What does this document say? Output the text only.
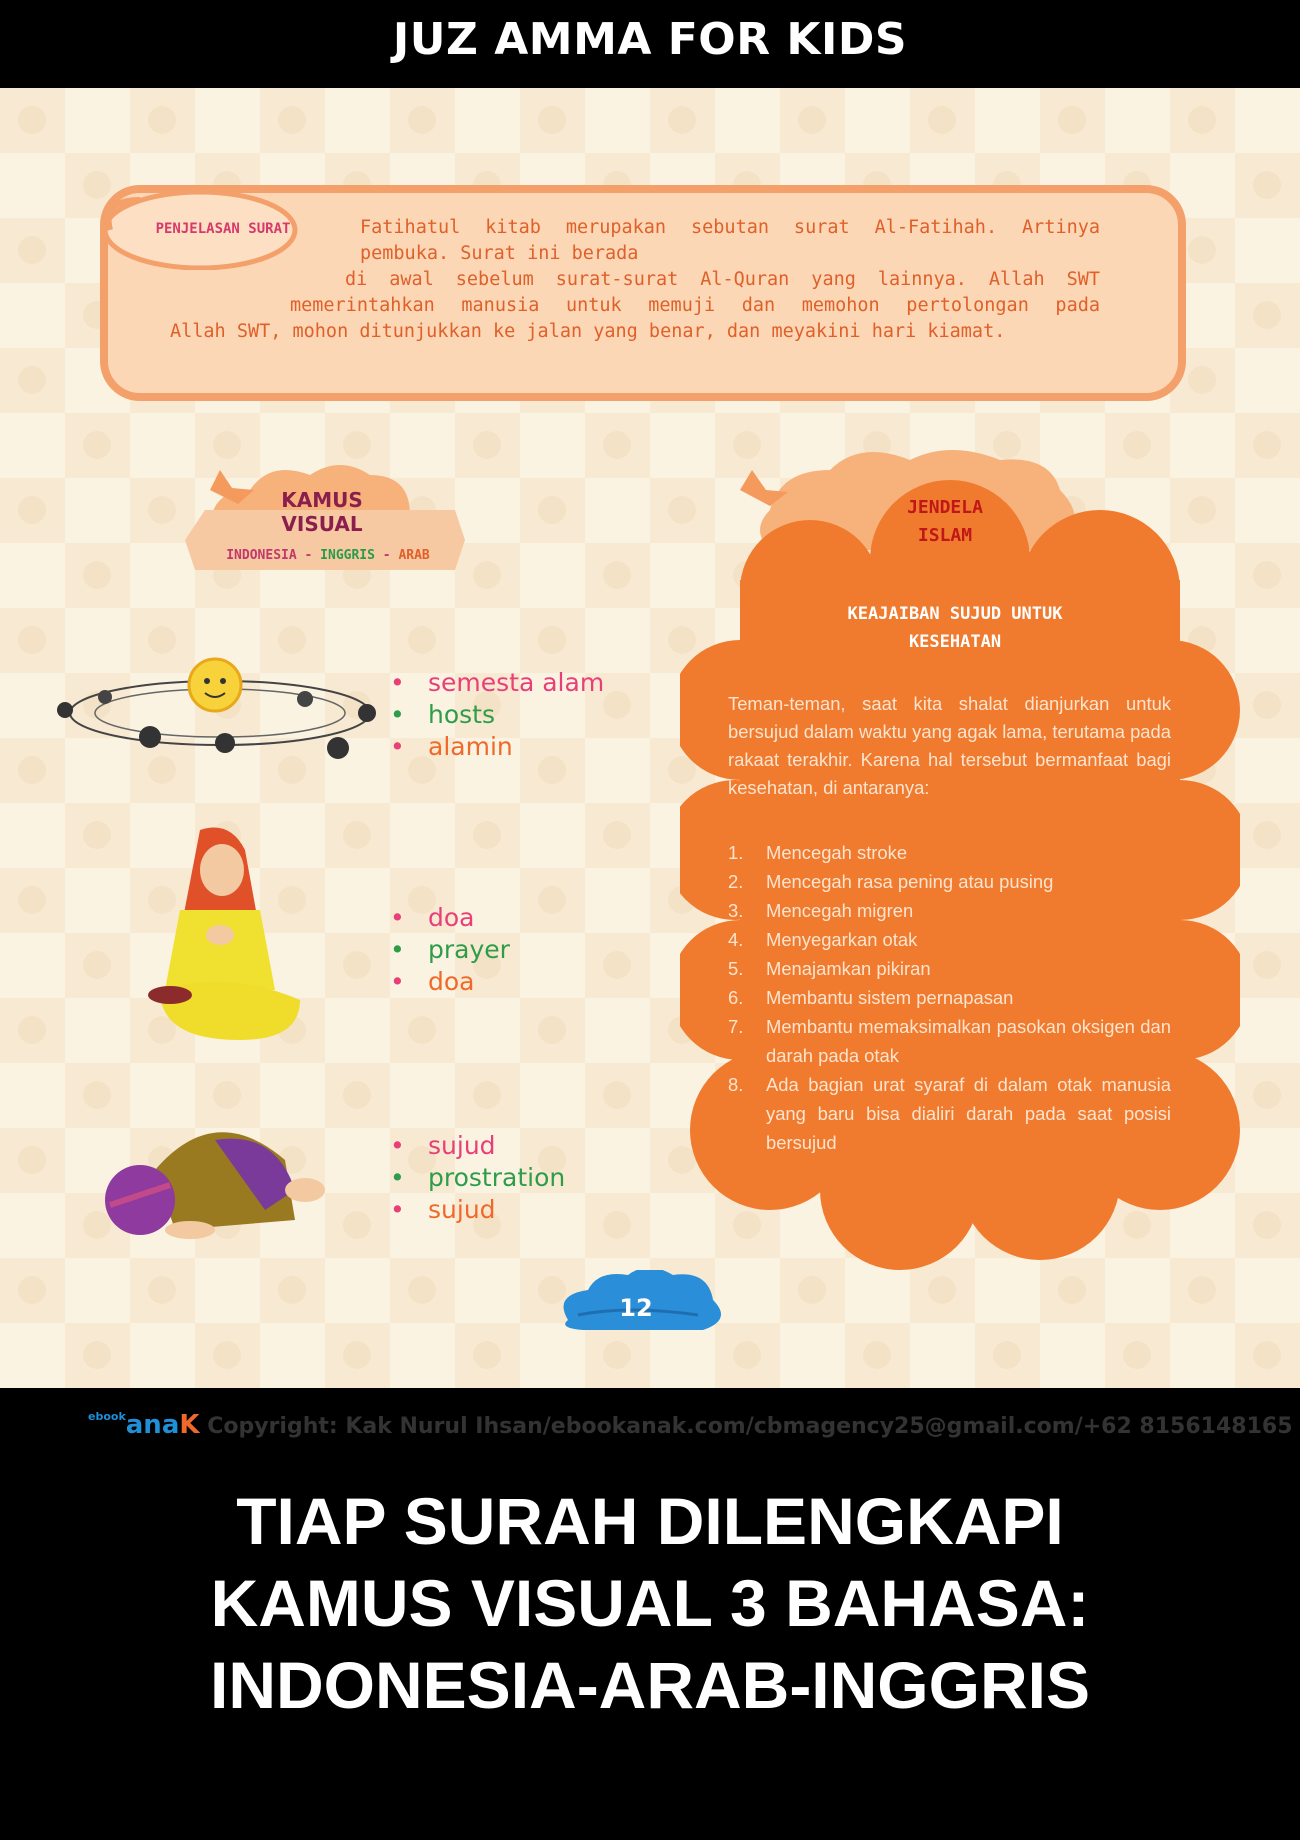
JUZ AMMA FOR KIDS
PENJELASAN SURAT	Fatihatul kitab merupakan sebutan surat Al-Fatihah. Artinya
pembuka. Surat ini berada
di awal sebelum surat-surat Al-Quran yang lainnya. Allah SWT
memerintahkan manusia untuk memuji dan memohon pertolongan pada
Allah SWT, mohon ditunjukkan ke jalan yang benar, dan meyakini hari kiamat.
KAMUS
VISUAL
INDONESIA - INGGRIS - ARAB
• semesta alam
• hosts
• alamin
• doa
• prayer
• doa
• sujud
• prostration
• sujud
JENDELA
ISLAM
KEAJAIBAN SUJUD UNTUK
KESEHATAN
Teman-teman, saat kita shalat dianjurkan untuk bersujud dalam waktu yang agak lama, terutama pada rakaat terakhir. Karena hal tersebut bermanfaat bagi kesehatan, di antaranya:
1. Mencegah stroke
2. Mencegah rasa pening atau pusing
3. Mencegah migren
4. Menyegarkan otak
5. Menajamkan pikiran
6. Membantu sistem pernapasan
7. Membantu memaksimalkan pasokan oksigen dan darah pada otak
8. Ada bagian urat syaraf di dalam otak manusia yang baru bisa dialiri darah pada saat posisi bersujud
12
$^{ebook}$anaK Copyright: Kak Nurul Ihsan/ebookanak.com/cbmagency25@gmail.com/+62 8156148165
TIAP SURAH DILENGKAPI
KAMUS VISUAL 3 BAHASA:
INDONESIA-ARAB-INGGRIS
